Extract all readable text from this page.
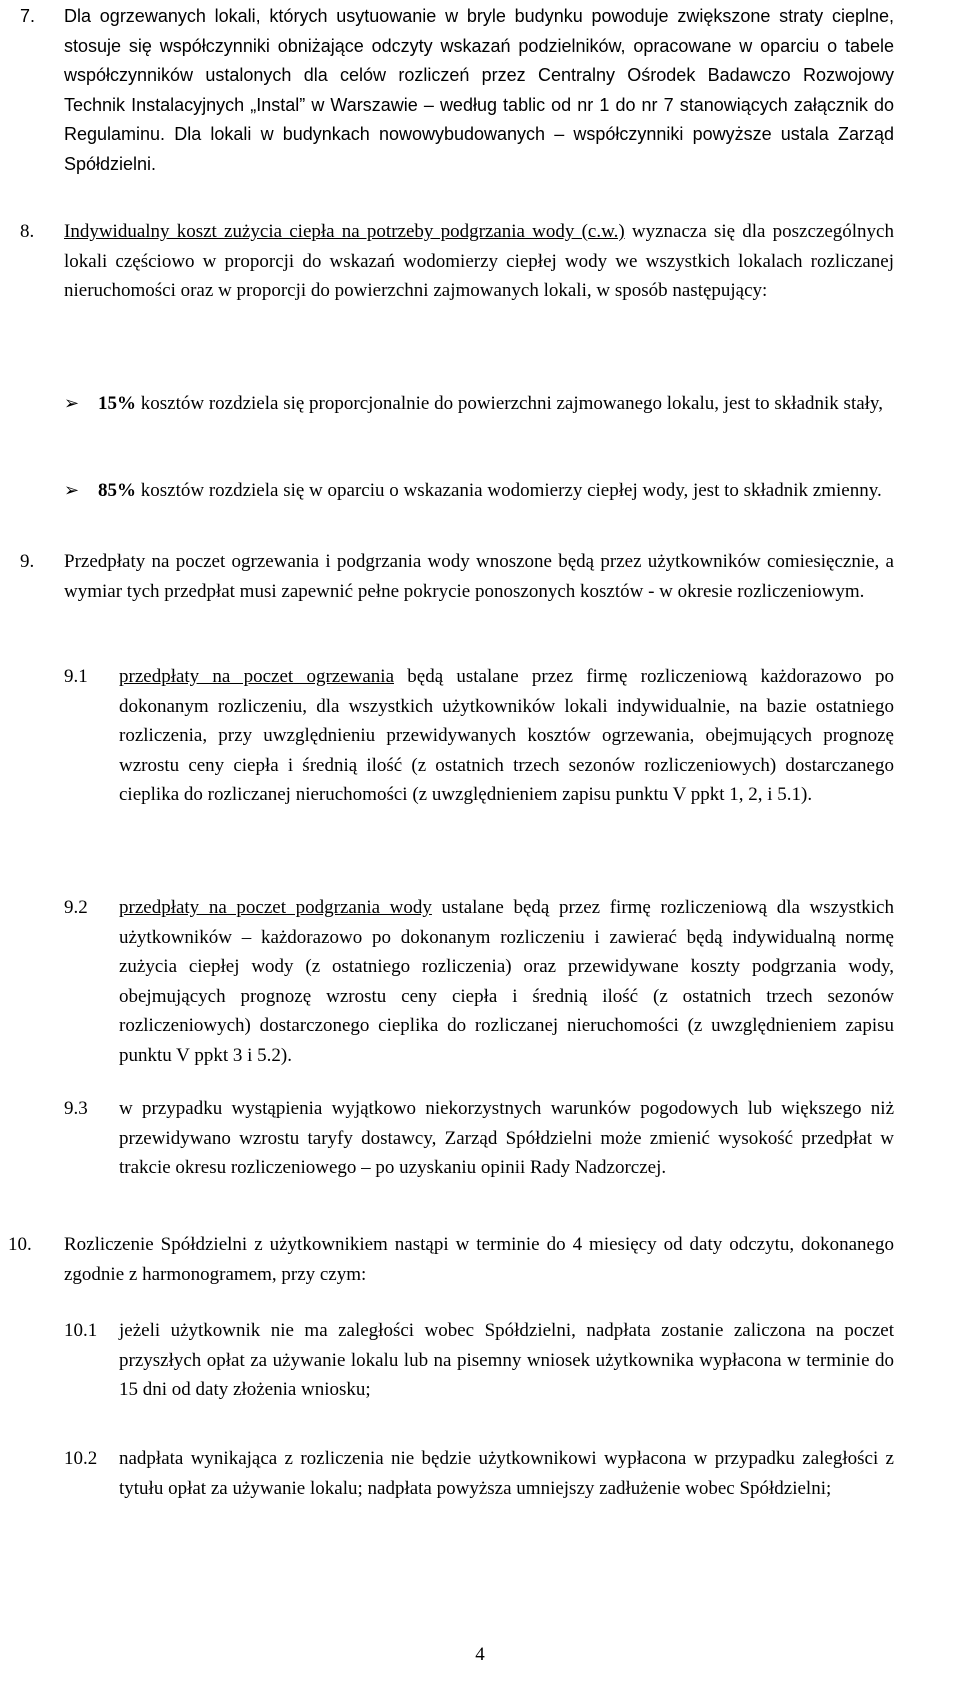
7. Dla ogrzewanych lokali, których usytuowanie w bryle budynku powoduje zwiększone straty cieplne, stosuje się współczynniki obniżające odczyty wskazań podzielników, opracowane w oparciu o tabele współczynników ustalonych dla celów rozliczeń przez Centralny Ośrodek Badawczo Rozwojowy Technik Instalacyjnych „Instal” w Warszawie – według tablic od nr 1 do nr 7 stanowiących załącznik do Regulaminu. Dla lokali w budynkach nowowybudowanych – współczynniki powyższe ustala Zarząd Spółdzielni.
8. Indywidualny koszt zużycia ciepła na potrzeby podgrzania wody (c.w.) wyznacza się dla poszczególnych lokali częściowo w proporcji do wskazań wodomierzy ciepłej wody we wszystkich lokalach rozliczanej nieruchomości oraz w proporcji do powierzchni zajmowanych lokali, w sposób następujący:
➢ 15% kosztów rozdziela się proporcjonalnie do powierzchni zajmowanego lokalu, jest to składnik stały,
➢ 85% kosztów rozdziela się w oparciu o wskazania wodomierzy ciepłej wody, jest to składnik zmienny.
9. Przedpłaty na poczet ogrzewania i podgrzania wody wnoszone będą przez użytkowników comiesięcznie, a wymiar tych przedpłat musi zapewnić pełne pokrycie ponoszonych kosztów - w okresie rozliczeniowym.
9.1 przedpłaty na poczet ogrzewania będą ustalane przez firmę rozliczeniową każdorazowo po dokonanym rozliczeniu, dla wszystkich użytkowników lokali indywidualnie, na bazie ostatniego rozliczenia, przy uwzględnieniu przewidywanych kosztów ogrzewania, obejmujących prognozę wzrostu ceny ciepła i średnią ilość (z ostatnich trzech sezonów rozliczeniowych) dostarczanego cieplika do rozliczanej nieruchomości (z uwzględnieniem zapisu punktu V ppkt 1, 2, i 5.1).
9.2 przedpłaty na poczet podgrzania wody ustalane będą przez firmę rozliczeniową dla wszystkich użytkowników – każdorazowo po dokonanym rozliczeniu i zawierać będą indywidualną normę zużycia ciepłej wody (z ostatniego rozliczenia) oraz przewidywane koszty podgrzania wody, obejmujących prognozę wzrostu ceny ciepła i średnią ilość (z ostatnich trzech sezonów rozliczeniowych) dostarczonego cieplika do rozliczanej nieruchomości (z uwzględnieniem zapisu punktu V ppkt 3 i 5.2).
9.3 w przypadku wystąpienia wyjątkowo niekorzystnych warunków pogodowych lub większego niż przewidywano wzrostu taryfy dostawcy, Zarząd Spółdzielni może zmienić wysokość przedpłat w trakcie okresu rozliczeniowego – po uzyskaniu opinii Rady Nadzorczej.
10. Rozliczenie Spółdzielni z użytkownikiem nastąpi w terminie do 4 miesięcy od daty odczytu, dokonanego zgodnie z harmonogramem, przy czym:
10.1 jeżeli użytkownik nie ma zaległości wobec Spółdzielni, nadpłata zostanie zaliczona na poczet przyszłych opłat za używanie lokalu lub na pisemny wniosek użytkownika wypłacona w terminie do 15 dni od daty złożenia wniosku;
10.2 nadpłata wynikająca z rozliczenia nie będzie użytkownikowi wypłacona w przypadku zaległości z tytułu opłat za używanie lokalu; nadpłata powyższa umniejszy zadłużenie wobec Spółdzielni;
4
